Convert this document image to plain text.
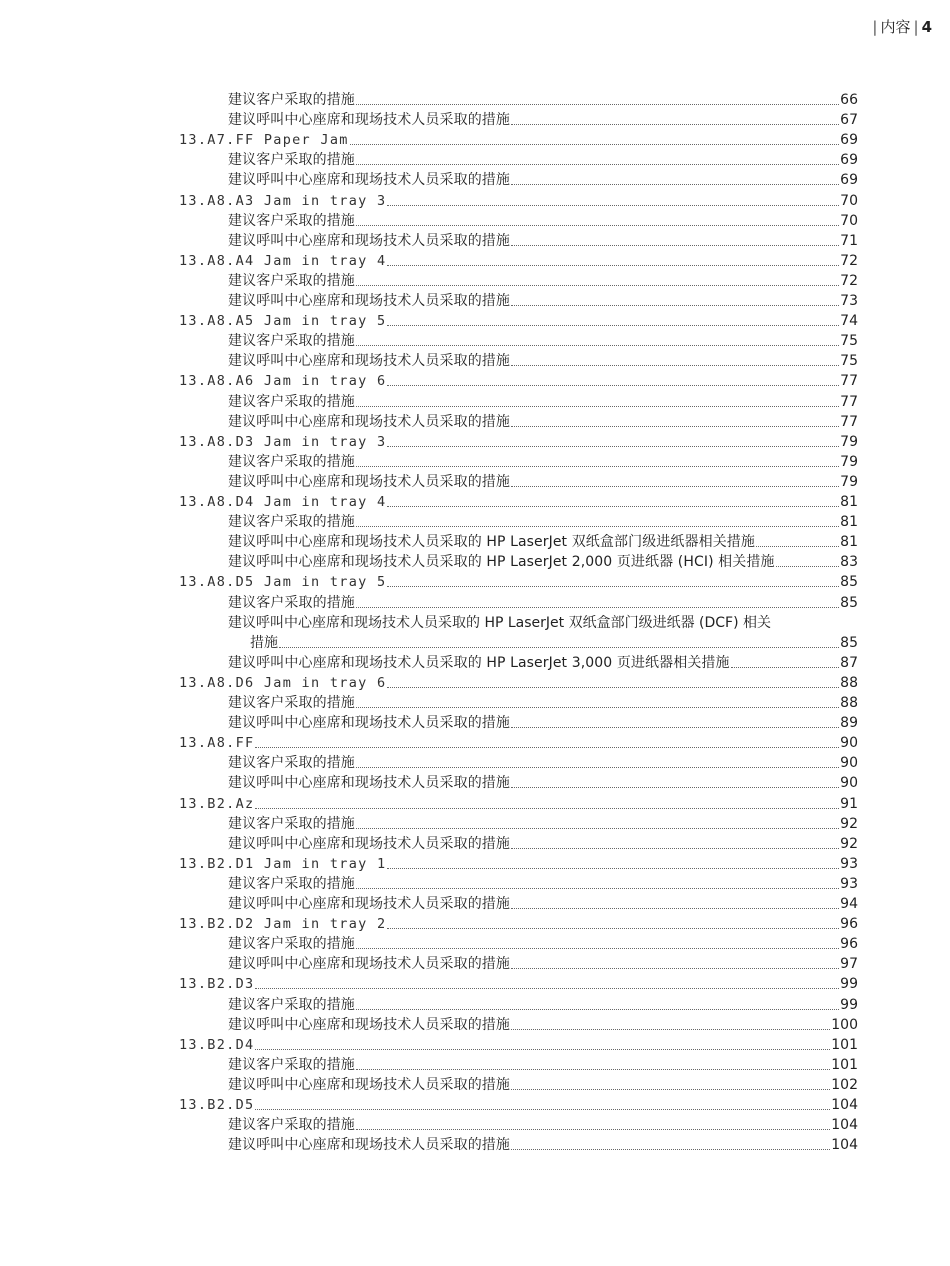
| 内容 | 4
建议客户采取的措施	66
建议呼叫中心座席和现场技术人员采取的措施	67
13.A7.FF Paper Jam	69
建议客户采取的措施	69
建议呼叫中心座席和现场技术人员采取的措施	69
13.A8.A3 Jam in tray 3	70
建议客户采取的措施	70
建议呼叫中心座席和现场技术人员采取的措施	71
13.A8.A4 Jam in tray 4	72
建议客户采取的措施	72
建议呼叫中心座席和现场技术人员采取的措施	73
13.A8.A5 Jam in tray 5	74
建议客户采取的措施	75
建议呼叫中心座席和现场技术人员采取的措施	75
13.A8.A6 Jam in tray 6	77
建议客户采取的措施	77
建议呼叫中心座席和现场技术人员采取的措施	77
13.A8.D3 Jam in tray 3	79
建议客户采取的措施	79
建议呼叫中心座席和现场技术人员采取的措施	79
13.A8.D4 Jam in tray 4	81
建议客户采取的措施	81
建议呼叫中心座席和现场技术人员采取的 HP LaserJet 双纸盒部门级进纸器相关措施	81
建议呼叫中心座席和现场技术人员采取的 HP LaserJet 2,000 页进纸器 (HCI) 相关措施	83
13.A8.D5 Jam in tray 5	85
建议客户采取的措施	85
建议呼叫中心座席和现场技术人员采取的 HP LaserJet 双纸盒部门级进纸器 (DCF) 相关
措施	85
建议呼叫中心座席和现场技术人员采取的 HP LaserJet 3,000 页进纸器相关措施	87
13.A8.D6 Jam in tray 6	88
建议客户采取的措施	88
建议呼叫中心座席和现场技术人员采取的措施	89
13.A8.FF	90
建议客户采取的措施	90
建议呼叫中心座席和现场技术人员采取的措施	90
13.B2.Az	91
建议客户采取的措施	92
建议呼叫中心座席和现场技术人员采取的措施	92
13.B2.D1 Jam in tray 1	93
建议客户采取的措施	93
建议呼叫中心座席和现场技术人员采取的措施	94
13.B2.D2 Jam in tray 2	96
建议客户采取的措施	96
建议呼叫中心座席和现场技术人员采取的措施	97
13.B2.D3	99
建议客户采取的措施	99
建议呼叫中心座席和现场技术人员采取的措施	100
13.B2.D4	101
建议客户采取的措施	101
建议呼叫中心座席和现场技术人员采取的措施	102
13.B2.D5	104
建议客户采取的措施	104
建议呼叫中心座席和现场技术人员采取的措施	104
